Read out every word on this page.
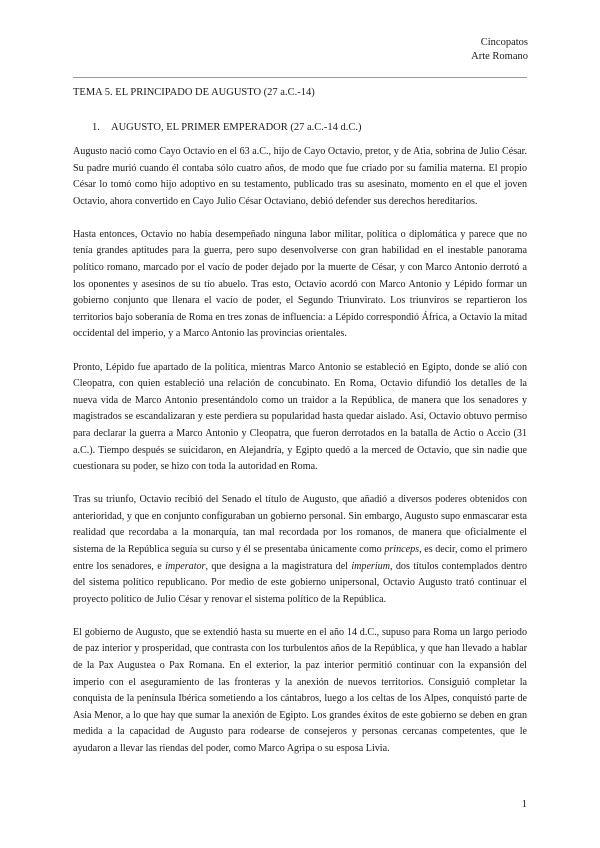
Cincopatos
Arte Romano
TEMA 5. EL PRINCIPADO DE AUGUSTO (27 a.C.-14)
1. AUGUSTO, EL PRIMER EMPERADOR (27 a.C.-14 d.C.)

Augusto nació como Cayo Octavio en el 63 a.C., hijo de Cayo Octavio, pretor, y de Atia, sobrina de Julio César. Su padre murió cuando él contaba sólo cuatro años, de modo que fue criado por su familia materna. El propio César lo tomó como hijo adoptivo en su testamento, publicado tras su asesinato, momento en el que el joven Octavio, ahora convertido en Cayo Julio César Octaviano, debió defender sus derechos hereditarios.

Hasta entonces, Octavio no había desempeñado ninguna labor militar, política o diplomática y parece que no tenía grandes aptitudes para la guerra, pero supo desenvolverse con gran habilidad en el inestable panorama político romano, marcado por el vacío de poder dejado por la muerte de César, y con Marco Antonio derrotó a los oponentes y asesinos de su tío abuelo. Tras esto, Octavio acordó con Marco Antonio y Lépido formar un gobierno conjunto que llenara el vacío de poder, el Segundo Triunvirato. Los triunviros se repartieron los territorios bajo soberanía de Roma en tres zonas de influencia: a Lépido correspondió África, a Octavio la mitad occidental del imperio, y a Marco Antonio las provincias orientales.

Pronto, Lépido fue apartado de la política, mientras Marco Antonio se estableció en Egipto, donde se alió con Cleopatra, con quien estableció una relación de concubinato. En Roma, Octavio difundió los detalles de la nueva vida de Marco Antonio presentándolo como un traidor a la República, de manera que los senadores y magistrados se escandalizaran y este perdiera su popularidad hasta quedar aislado. Así, Octavio obtuvo permiso para declarar la guerra a Marco Antonio y Cleopatra, que fueron derrotados en la batalla de Actio o Accio (31 a.C.). Tiempo después se suicidaron, en Alejandría, y Egipto quedó a la merced de Octavio, que sin nadie que cuestionara su poder, se hizo con toda la autoridad en Roma.

Tras su triunfo, Octavio recibió del Senado el título de Augusto, que añadió a diversos poderes obtenidos con anterioridad, y que en conjunto configuraban un gobierno personal. Sin embargo, Augusto supo enmascarar esta realidad que recordaba a la monarquía, tan mal recordada por los romanos, de manera que oficialmente el sistema de la República seguía su curso y él se presentaba únicamente como princeps, es decir, como el primero entre los senadores, e imperator, que designa a la magistratura del imperium, dos títulos contemplados dentro del sistema político republicano. Por medio de este gobierno unipersonal, Octavio Augusto trató continuar el proyecto político de Julio César y renovar el sistema político de la República.

El gobierno de Augusto, que se extendió hasta su muerte en el año 14 d.C., supuso para Roma un largo periodo de paz interior y prosperidad, que contrasta con los turbulentos años de la República, y que han llevado a hablar de la Pax Augustea o Pax Romana. En el exterior, la paz interior permitió continuar con la expansión del imperio con el aseguramiento de las fronteras y la anexión de nuevos territorios. Consiguió completar la conquista de la península Ibérica sometiendo a los cántabros, luego a los celtas de los Alpes, conquistó parte de Asia Menor, a lo que hay que sumar la anexión de Egipto. Los grandes éxitos de este gobierno se deben en gran medida a la capacidad de Augusto para rodearse de consejeros y personas cercanas competentes, que le ayudaron a llevar las riendas del poder, como Marco Agripa o su esposa Livia.

1
